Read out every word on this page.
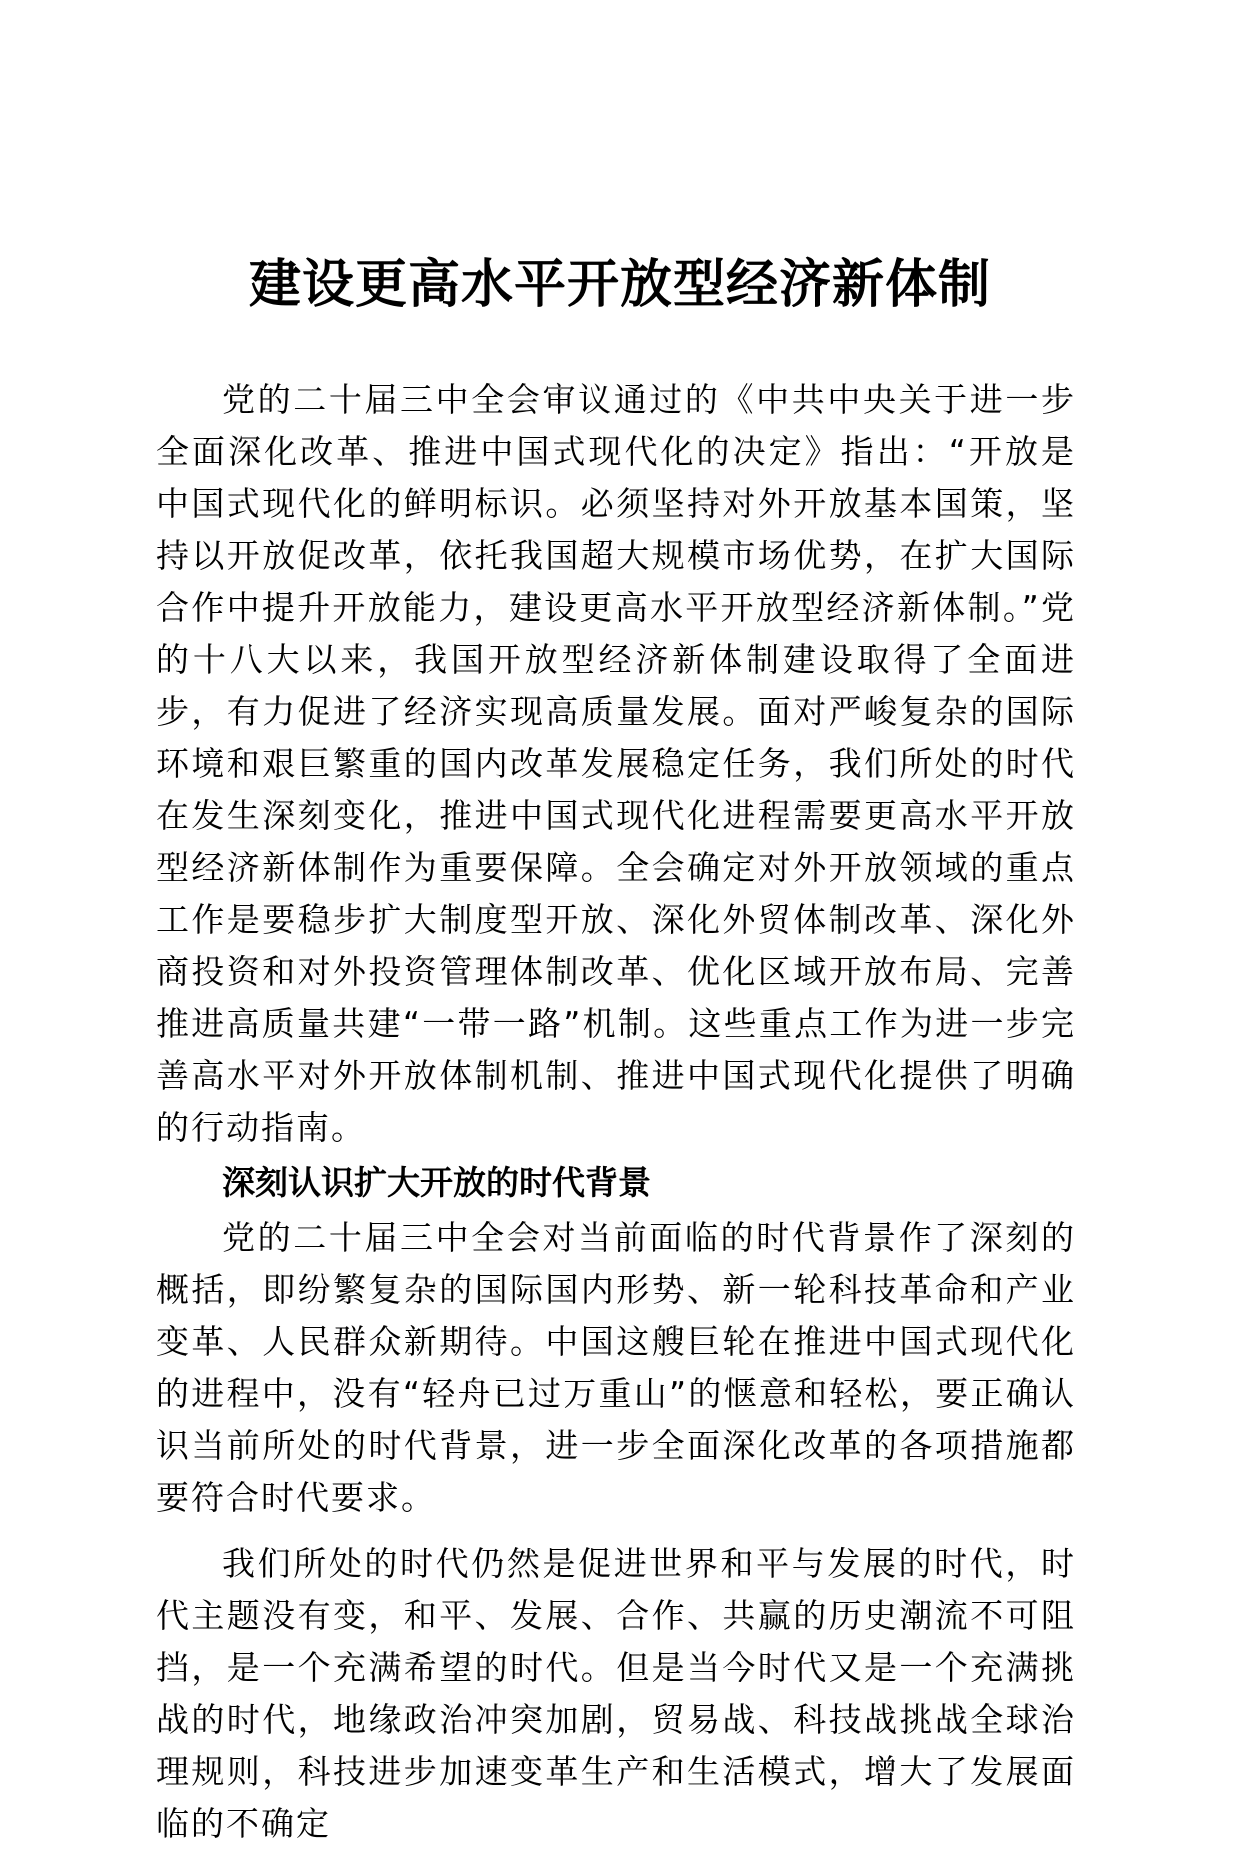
建设更高水平开放型经济新体制

党的二十届三中全会审议通过的《中共中央关于进一步全面深化改革、推进中国式现代化的决定》指出：“开放是中国式现代化的鲜明标识。必须坚持对外开放基本国策，坚持以开放促改革，依托我国超大规模市场优势，在扩大国际合作中提升开放能力，建设更高水平开放型经济新体制。”党的十八大以来，我国开放型经济新体制建设取得了全面进步，有力促进了经济实现高质量发展。面对严峻复杂的国际环境和艰巨繁重的国内改革发展稳定任务，我们所处的时代在发生深刻变化，推进中国式现代化进程需要更高水平开放型经济新体制作为重要保障。全会确定对外开放领域的重点工作是要稳步扩大制度型开放、深化外贸体制改革、深化外商投资和对外投资管理体制改革、优化区域开放布局、完善推进高质量共建“一带一路”机制。这些重点工作为进一步完善高水平对外开放体制机制、推进中国式现代化提供了明确的行动指南。

深刻认识扩大开放的时代背景

党的二十届三中全会对当前面临的时代背景作了深刻的概括，即纷繁复杂的国际国内形势、新一轮科技革命和产业变革、人民群众新期待。中国这艘巨轮在推进中国式现代化的进程中，没有“轻舟已过万重山”的惬意和轻松，要正确认识当前所处的时代背景，进一步全面深化改革的各项措施都要符合时代要求。

我们所处的时代仍然是促进世界和平与发展的时代，时代主题没有变，和平、发展、合作、共赢的历史潮流不可阻挡，是一个充满希望的时代。但是当今时代又是一个充满挑战的时代，地缘政治冲突加剧，贸易战、科技战挑战全球治理规则，科技进步加速变革生产和生活模式，增大了发展面临的不确定
